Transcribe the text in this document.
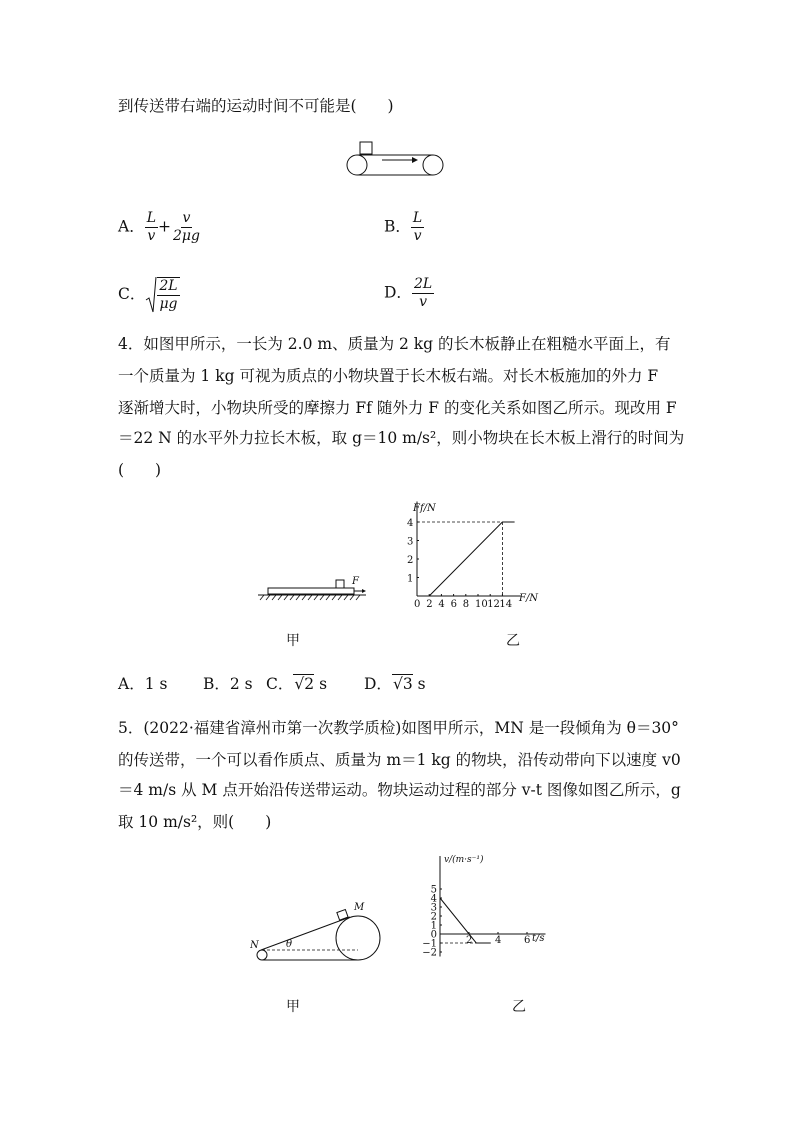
到传送带右端的运动时间不可能是(　　)
A． $\frac{L}{v} + \frac{v}{2\mu g}$	B． $\frac{L}{v}$
C． $\frac{2L}{\mu g}$	D． $\frac{2L}{v}$
4．如图甲所示，一长为 2.0 m、质量为 2 kg 的长木板静止在粗糙水平面上，有
一个质量为 1 kg 可视为质点的小物块置于长木板右端。对长木板施加的外力 F
逐渐增大时，小物块所受的摩擦力 Ff 随外力 F 的变化关系如图乙所示。现改用 F
＝22 N 的水平外力拉长木板，取 g＝10 m/s²，则小物块在长木板上滑行的时间为
(　　)
F
Ff/N
F/N
0 2 4 6 8 10 12 14
1
2
3
4
甲	乙
A．1 s B．2 s C．√2 s D．√3 s
5．(2022·福建省漳州市第一次教学质检)如图甲所示，MN 是一段倾角为 θ＝30°
的传送带，一个可以看作质点、质量为 m＝1 kg 的物块，沿传动带向下以速度 v0
＝4 m/s 从 M 点开始沿传送带运动。物块运动过程的部分 v-t 图像如图乙所示，g
取 10 m/s²，则(　　)
M
N	θ
v/(m·s⁻¹)
t/s
2 4 6
5
4
3
2
1
0
−1
−2
甲	乙
